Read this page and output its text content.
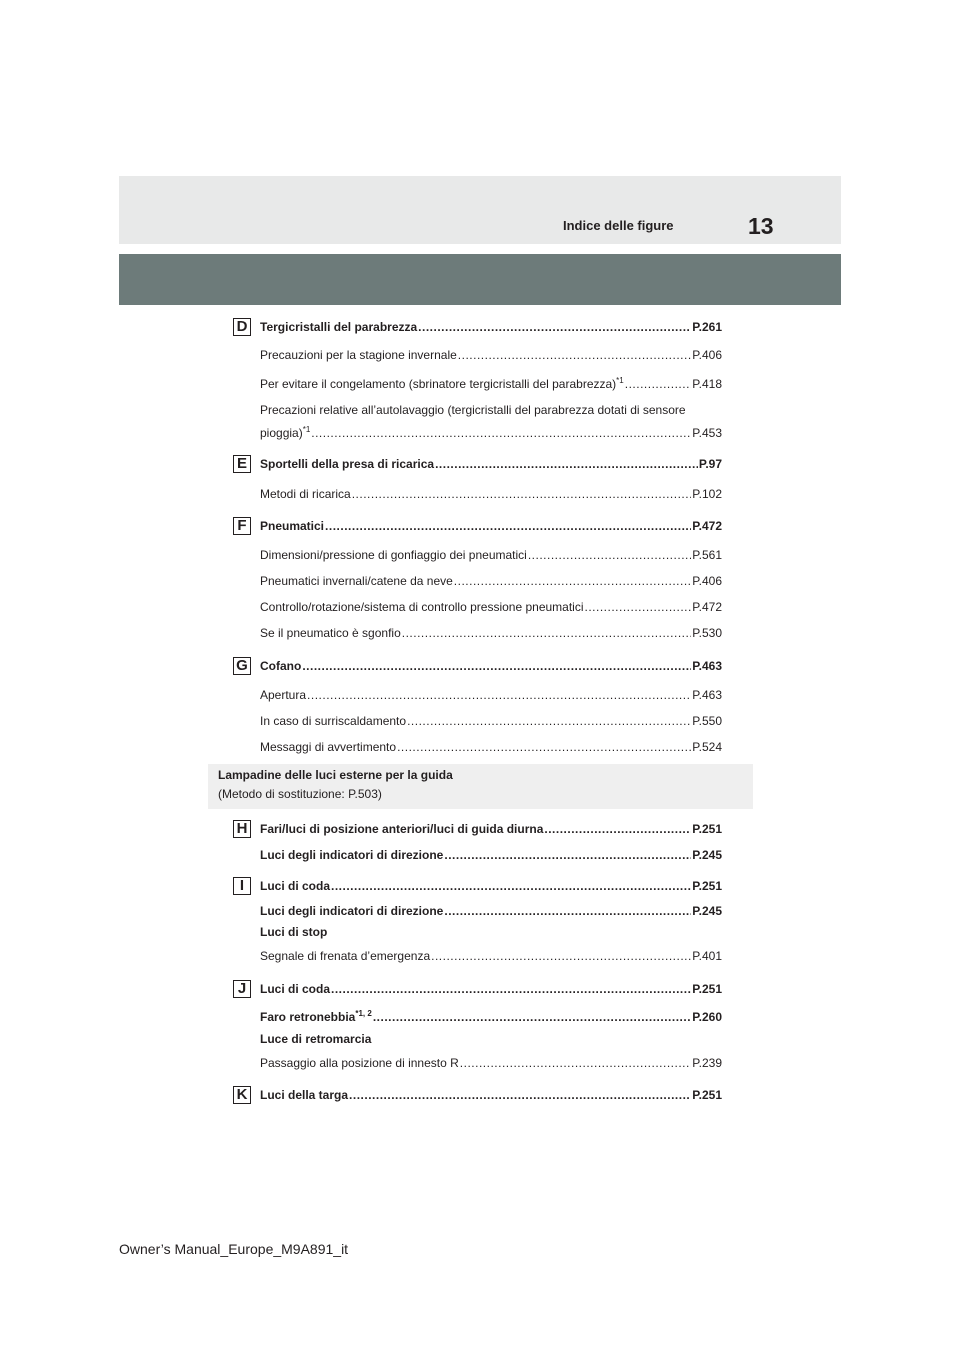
Indice delle figure	13
D Tergicristalli del parabrezza .....	P.261
Precauzioni per la stagione invernale .....	P.406
Per evitare il congelamento (sbrinatore tergicristalli del parabrezza)$^{*1}$ .....	P.418
Precazioni relative all’autolavaggio (tergicristalli del parabrezza dotati di sensore
pioggia)$^{*1}$ .....	P.453
E	Sportelli della presa di ricarica .....	P.97
Metodi di ricarica .....	P.102
F	Pneumatici .....	P.472
Dimensioni/pressione di gonfiaggio dei pneumatici .....	P.561
Pneumatici invernali/catene da neve .....	P.406
Controllo/rotazione/sistema di controllo pressione pneumatici .....	P.472
Se il pneumatico è sgonfio .....	P.530
G Cofano .....	P.463
Apertura .....	P.463
In caso di surriscaldamento .....	P.550
Messaggi di avvertimento .....	P.524
Lampadine delle luci esterne per la guida
(Metodo di sostituzione: P.503)
H Fari/luci di posizione anteriori/luci di guida diurna .....	P.251
Luci degli indicatori di direzione .....	P.245
I	Luci di coda .....	P.251
Luci degli indicatori di direzione .....	P.245
Luci di stop
Segnale di frenata d’emergenza .....	P.401
J	Luci di coda .....	P.251
Faro retronebbia$^{*1, 2}$ .....	P.260
Luce di retromarcia
Passaggio alla posizione di innesto R .....	P.239
K Luci della targa .....	P.251
Owner’s Manual_Europe_M9A891_it
